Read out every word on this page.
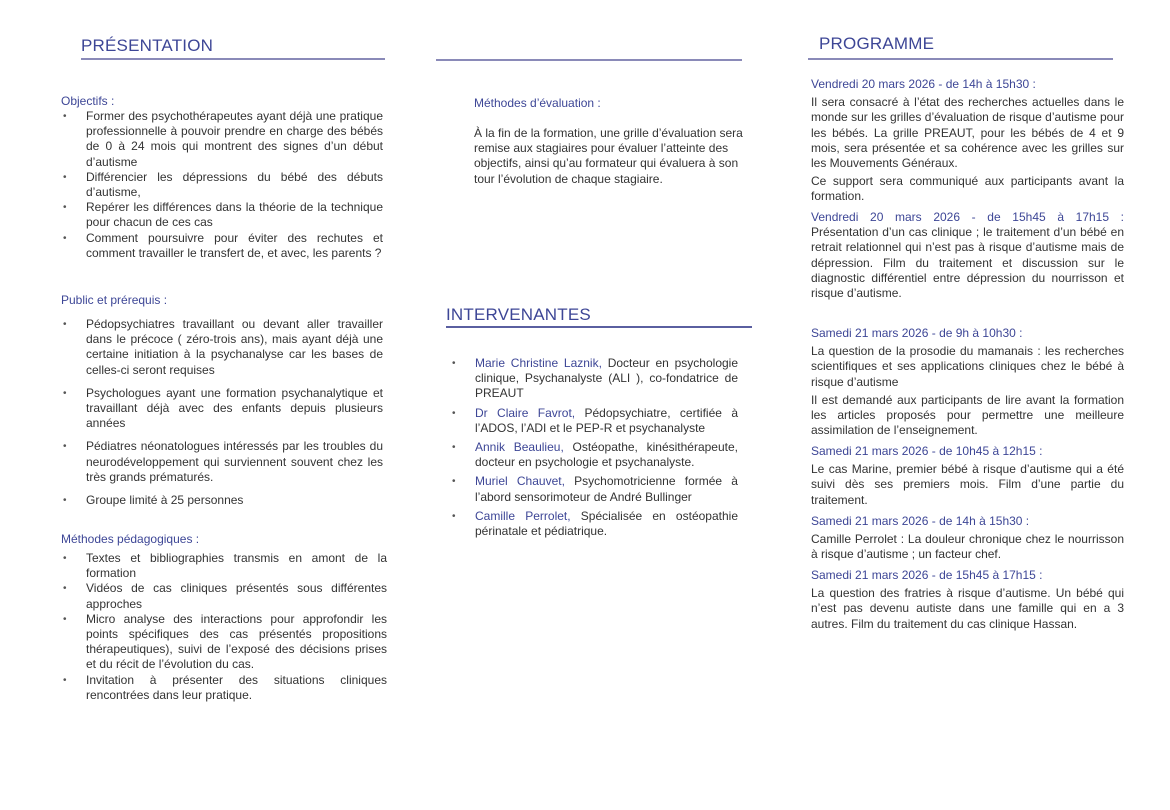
PRÉSENTATION
Objectifs :
• Former des psychothérapeutes ayant déjà une pratique professionnelle à pouvoir prendre en charge des bébés de 0 à 24 mois qui montrent des signes d’un début d’autisme
• Différencier les dépressions du bébé des débuts d’autisme,
• Repérer les différences dans la théorie de la technique pour chacun de ces cas
• Comment poursuivre pour éviter des rechutes et comment travailler le transfert de, et avec, les parents ?
Public et prérequis :
• Pédopsychiatres travaillant ou devant aller travailler dans le précoce ( zéro-trois ans), mais ayant déjà une certaine initiation à la psychanalyse car les bases de celles-ci seront requises
• Psychologues ayant une formation psychanalytique et travaillant déjà avec des enfants depuis plusieurs années
• Pédiatres néonatologues intéressés par les troubles du neurodéveloppement qui surviennent souvent chez les très grands prématurés.
• Groupe limité à 25 personnes
Méthodes pédagogiques :
• Textes et bibliographies transmis en amont de la formation
• Vidéos de cas cliniques présentés sous différentes approches
• Micro analyse des interactions pour approfondir les points spécifiques des cas présentés propositions thérapeutiques), suivi de l’exposé des décisions prises et du récit de l’évolution du cas.
• Invitation à présenter des situations cliniques rencontrées dans leur pratique.
Méthodes d’évaluation :
À la fin de la formation, une grille d’évaluation sera remise aux stagiaires pour évaluer l’atteinte des objectifs, ainsi qu’au formateur qui évaluera à son tour l’évolution de chaque stagiaire.
INTERVENANTES
• Marie Christine Laznik, Docteur en psychologie clinique, Psychanalyste (ALI ), co-fondatrice de PREAUT
• Dr Claire Favrot, Pédopsychiatre, certifiée à l’ADOS, l’ADI et le PEP-R et psychanalyste
• Annik Beaulieu, Ostéopathe, kinésithérapeute, docteur en psychologie et psychanalyste.
• Muriel Chauvet, Psychomotricienne formée à l’abord sensorimoteur de André Bullinger
• Camille Perrolet, Spécialisée en ostéopathie périnatale et pédiatrique.
PROGRAMME
Vendredi 20 mars 2026 - de 14h à 15h30 :
Il sera consacré à l’état des recherches actuelles dans le monde sur les grilles d’évaluation de risque d’autisme pour les bébés. La grille PREAUT, pour les bébés de 4 et 9 mois, sera présentée et sa cohérence avec les grilles sur les Mouvements Généraux.
Ce support sera communiqué aux participants avant la formation.
Vendredi 20 mars 2026 - de 15h45 à 17h15 :
Présentation d’un cas clinique ; le traitement d’un bébé en retrait relationnel qui n’est pas à risque d’autisme mais de dépression. Film du traitement et discussion sur le diagnostic différentiel entre dépression du nourrisson et risque d’autisme.
Samedi 21 mars 2026 - de 9h à 10h30 :
La question de la prosodie du mamanais : les recherches scientifiques et ses applications cliniques chez le bébé à risque d’autisme
Il est demandé aux participants de lire avant la formation les articles proposés pour permettre une meilleure assimilation de l’enseignement.
Samedi 21 mars 2026 - de 10h45 à 12h15 :
Le cas Marine, premier bébé à risque d’autisme qui a été suivi dès ses premiers mois. Film d’une partie du traitement.
Samedi 21 mars 2026 - de 14h à 15h30 :
Camille Perrolet : La douleur chronique chez le nourrisson à risque d’autisme ; un facteur chef.
Samedi 21 mars 2026 - de 15h45 à 17h15 :
La question des fratries à risque d’autisme. Un bébé qui n’est pas devenu autiste dans une famille qui en a 3 autres. Film du traitement du cas clinique Hassan.
